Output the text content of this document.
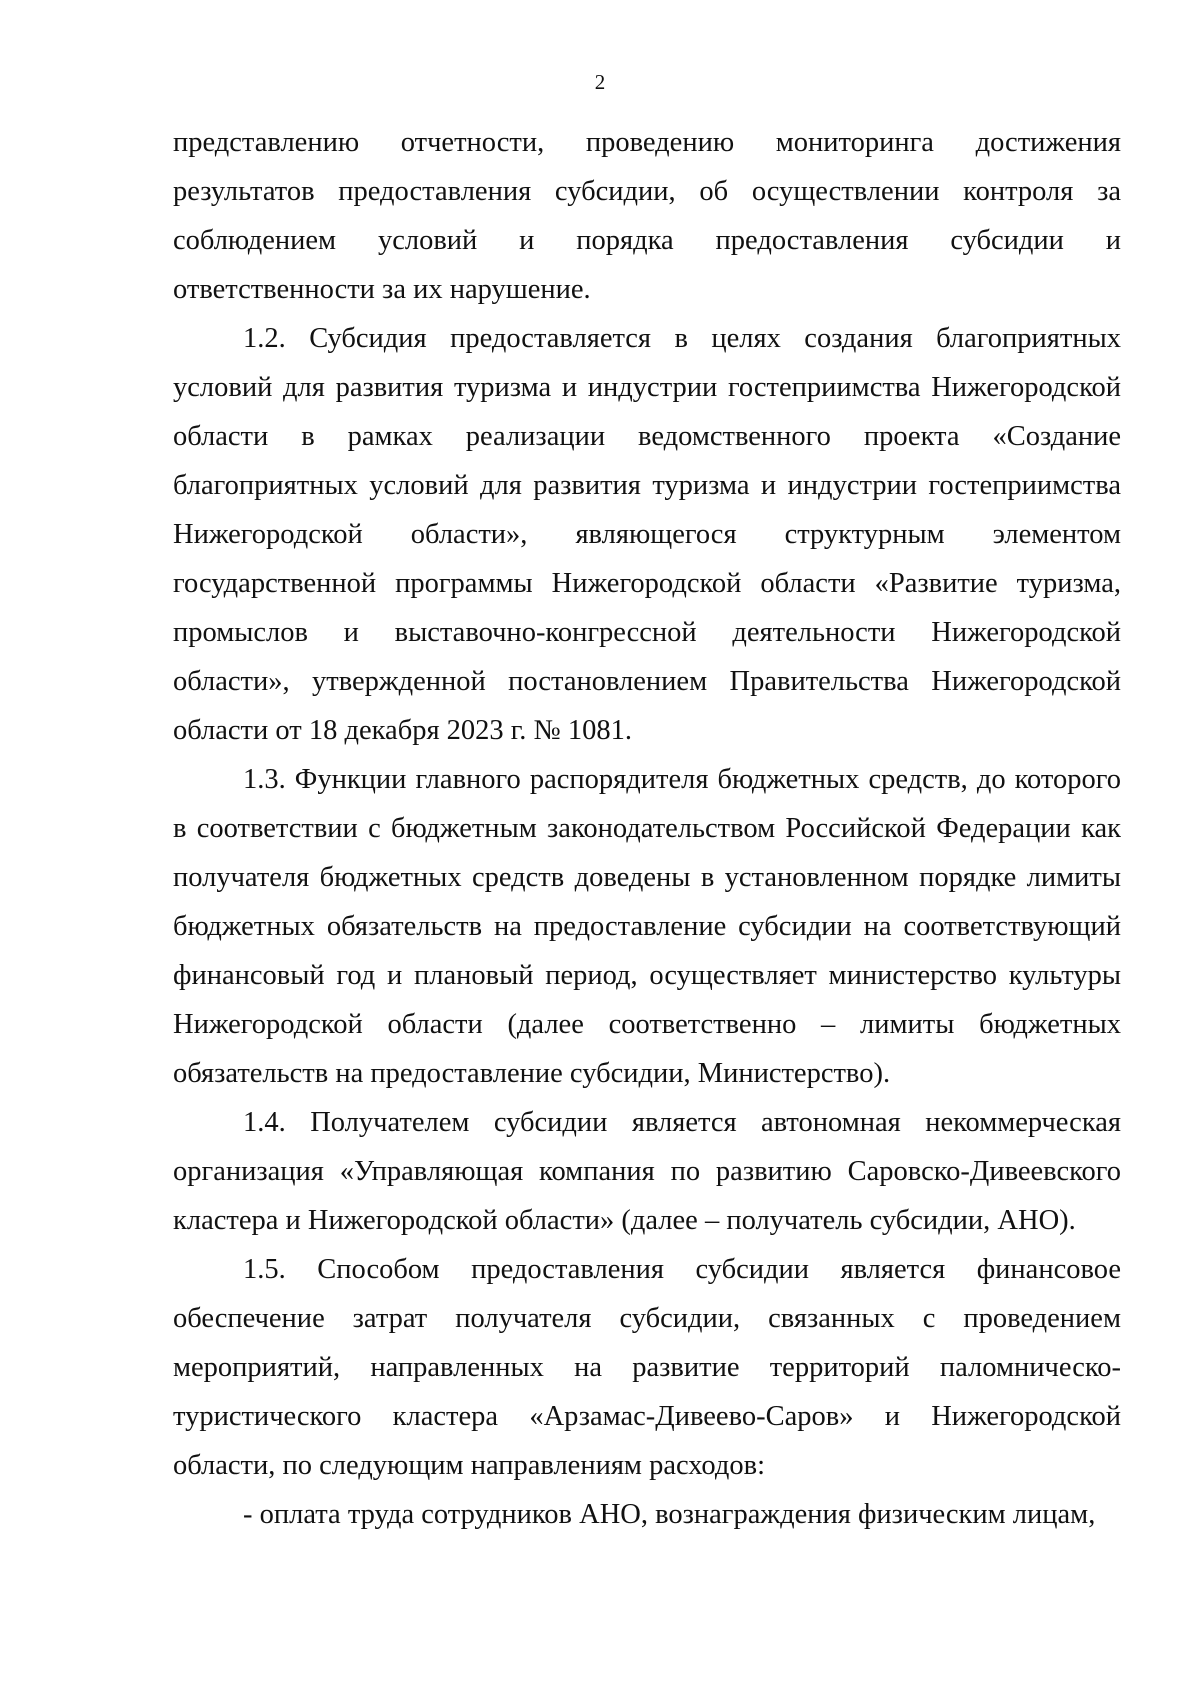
2

представлению отчетности, проведению мониторинга достижения результатов предоставления субсидии, об осуществлении контроля за соблюдением условий и порядка предоставления субсидии и ответственности за их нарушение.

1.2. Субсидия предоставляется в целях создания благоприятных условий для развития туризма и индустрии гостеприимства Нижегородской области в рамках реализации ведомственного проекта «Создание благоприятных условий для развития туризма и индустрии гостеприимства Нижегородской области», являющегося структурным элементом государственной программы Нижегородской области «Развитие туризма, промыслов и выставочно-конгрессной деятельности Нижегородской области», утвержденной постановлением Правительства Нижегородской области от 18 декабря 2023 г. № 1081.

1.3. Функции главного распорядителя бюджетных средств, до которого в соответствии с бюджетным законодательством Российской Федерации как получателя бюджетных средств доведены в установленном порядке лимиты бюджетных обязательств на предоставление субсидии на соответствующий финансовый год и плановый период, осуществляет министерство культуры Нижегородской области (далее соответственно – лимиты бюджетных обязательств на предоставление субсидии, Министерство).

1.4. Получателем субсидии является автономная некоммерческая организация «Управляющая компания по развитию Саровско-Дивеевского кластера и Нижегородской области» (далее – получатель субсидии, АНО).

1.5. Способом предоставления субсидии является финансовое обеспечение затрат получателя субсидии, связанных с проведением мероприятий, направленных на развитие территорий паломническо-туристического кластера «Арзамас-Дивеево-Саров» и Нижегородской области, по следующим направлениям расходов:

- оплата труда сотрудников АНО, вознаграждения физическим лицам,
